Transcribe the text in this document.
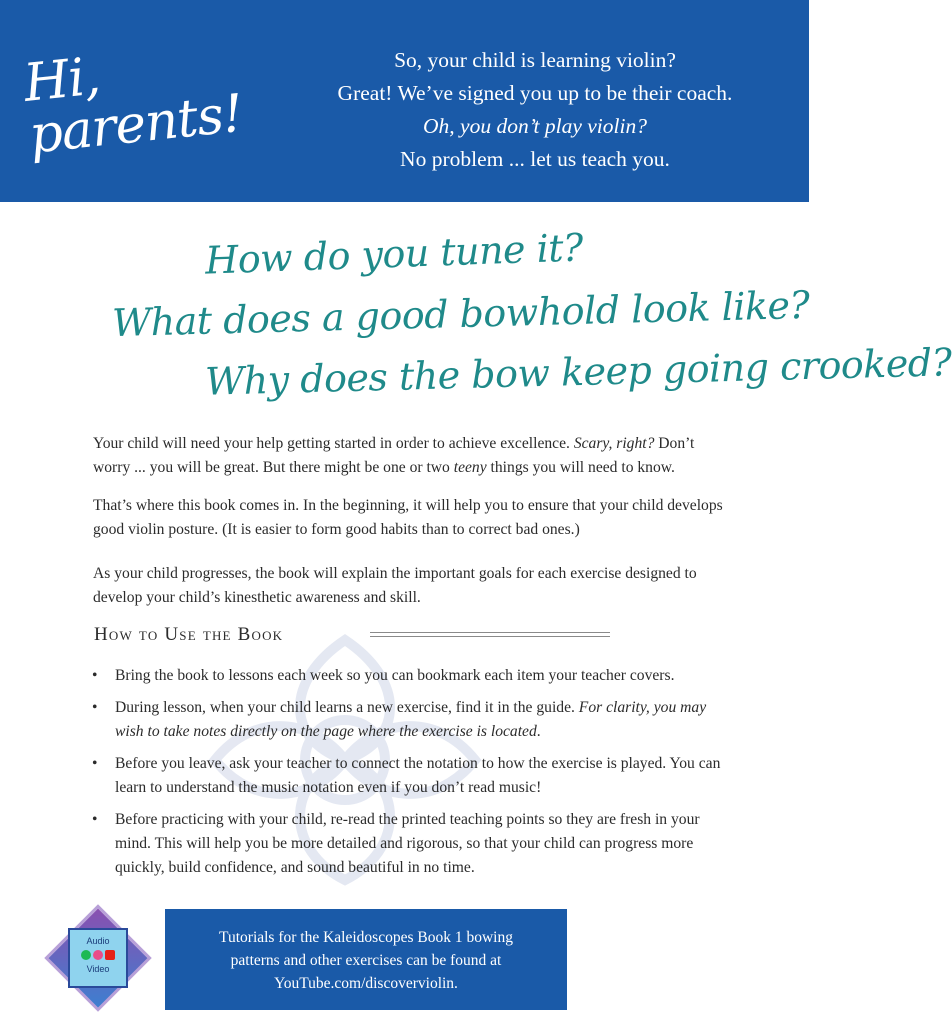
Hi, parents!
So, your child is learning violin?
Great! We’ve signed you up to be their coach.
Oh, you don’t play violin?
No problem ... let us teach you.
How do you tune it?
What does a good bowhold look like?
Why does the bow keep going crooked?
Your child will need your help getting started in order to achieve excellence. Scary, right? Don’t worry ... you will be great. But there might be one or two teeny things you will need to know.
That’s where this book comes in. In the beginning, it will help you to ensure that your child develops good violin posture. (It is easier to form good habits than to correct bad ones.)
As your child progresses, the book will explain the important goals for each exercise designed to develop your child’s kinesthetic awareness and skill.
How to Use the Book
• Bring the book to lessons each week so you can bookmark each item your teacher covers.
• During lesson, when your child learns a new exercise, find it in the guide. For clarity, you may wish to take notes directly on the page where the exercise is located.
• Before you leave, ask your teacher to connect the notation to how the exercise is played. You can learn to understand the music notation even if you don’t read music!
• Before practicing with your child, re-read the printed teaching points so they are fresh in your mind. This will help you be more detailed and rigorous, so that your child can progress more quickly, build confidence, and sound beautiful in no time.
Audio
Video
Tutorials for the Kaleidoscopes Book 1 bowing
patterns and other exercises can be found at
YouTube.com/discoverviolin.
